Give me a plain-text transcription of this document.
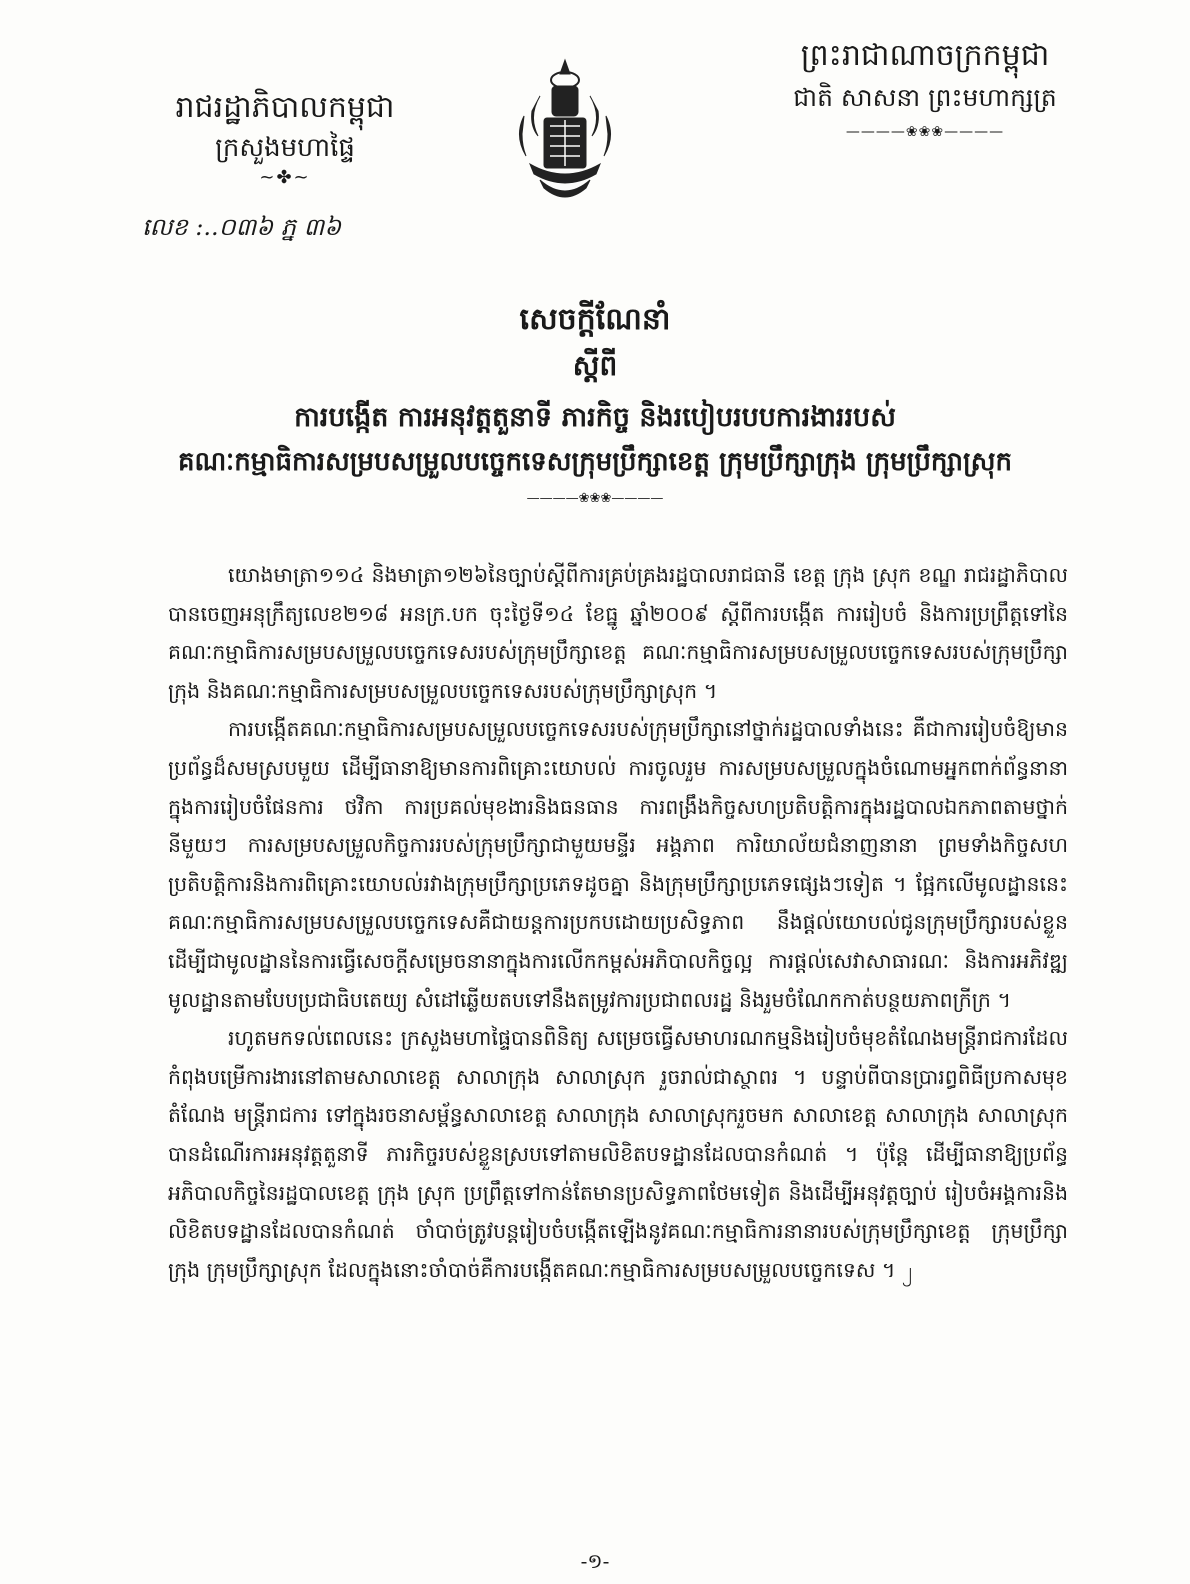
រាជរដ្ឋាភិបាលកម្ពុជា
ក្រសួងមហាផ្ទៃ
~✤~
លេខ :..០៣៦ ភ្ន ៣៦
ព្រះរាជាណាចក្រកម្ពុជា
ជាតិ សាសនា ព្រះមហាក្សត្រ
————❀❀❀————
សេចក្តីណែនាំ
ស្តីពី
ការបង្កើត ការអនុវត្តតួនាទី ភារកិច្ច និងរបៀបរបបការងាររបស់
គណៈកម្មាធិការសម្របសម្រួលបច្ចេកទេសក្រុមប្រឹក្សាខេត្ត ក្រុមប្រឹក្សាក្រុង ក្រុមប្រឹក្សាស្រុក
————❀❀❀————

យោងមាត្រា១១៤ និងមាត្រា១២៦នៃច្បាប់ស្តីពីការគ្រប់គ្រងរដ្ឋបាលរាជធានី ខេត្ត ក្រុង ស្រុក ខណ្ឌ រាជរដ្ឋាភិបាលបានចេញអនុក្រឹត្យលេខ២១៨ អនក្រ.បក ចុះថ្ងៃទី១៤ ខែធ្នូ ឆ្នាំ២០០៩ ស្តីពីការបង្កើត ការរៀបចំ និងការប្រព្រឹត្តទៅនៃគណៈកម្មាធិការសម្របសម្រួលបច្ចេកទេសរបស់ក្រុមប្រឹក្សាខេត្ត គណៈកម្មាធិការសម្របសម្រួលបច្ចេកទេសរបស់ក្រុមប្រឹក្សាក្រុង និងគណៈកម្មាធិការសម្របសម្រួលបច្ចេកទេសរបស់ក្រុមប្រឹក្សាស្រុក ។

ការបង្កើតគណៈកម្មាធិការសម្របសម្រួលបច្ចេកទេសរបស់ក្រុមប្រឹក្សានៅថ្នាក់រដ្ឋបាលទាំងនេះ គឺជាការរៀបចំឱ្យមានប្រព័ន្ធដ៏សមស្របមួយ ដើម្បីធានាឱ្យមានការពិគ្រោះយោបល់ ការចូលរួម ការសម្របសម្រួលក្នុងចំណោមអ្នកពាក់ព័ន្ធនានា ក្នុងការរៀបចំផែនការ ថវិកា ការប្រគល់មុខងារនិងធនធាន ការពង្រឹងកិច្ចសហប្រតិបត្តិការក្នុងរដ្ឋបាលឯកភាពតាមថ្នាក់នីមួយៗ ការសម្របសម្រួលកិច្ចការរបស់ក្រុមប្រឹក្សាជាមួយមន្ទីរ អង្គភាព ការិយាល័យជំនាញនានា ព្រមទាំងកិច្ចសហប្រតិបត្តិការនិងការពិគ្រោះយោបល់រវាងក្រុមប្រឹក្សាប្រភេទដូចគ្នា និងក្រុមប្រឹក្សាប្រភេទផ្សេងៗទៀត ។ ផ្អែកលើមូលដ្ឋាននេះ គណៈកម្មាធិការសម្របសម្រួលបច្ចេកទេសគឺជាយន្តការប្រកបដោយប្រសិទ្ធភាព នឹងផ្តល់យោបល់ជូនក្រុមប្រឹក្សារបស់ខ្លួន ដើម្បីជាមូលដ្ឋាននៃការធ្វើសេចក្តីសម្រេចនានាក្នុងការលើកកម្ពស់អភិបាលកិច្ចល្អ ការផ្តល់សេវាសាធារណៈ និងការអភិវឌ្ឍមូលដ្ឋានតាមបែបប្រជាធិបតេយ្យ សំដៅឆ្លើយតបទៅនឹងតម្រូវការប្រជាពលរដ្ឋ និងរួមចំណែកកាត់បន្ថយភាពក្រីក្រ ។

រហូតមកទល់ពេលនេះ ក្រសួងមហាផ្ទៃបានពិនិត្យ សម្រេចធ្វើសមាហរណកម្មនិងរៀបចំមុខតំណែងមន្ត្រីរាជការដែលកំពុងបម្រើការងារនៅតាមសាលាខេត្ត សាលាក្រុង សាលាស្រុក រួចរាល់ជាស្ថាពរ ។ បន្ទាប់ពីបានប្រារព្ធពិធីប្រកាសមុខតំណែង មន្ត្រីរាជការ ទៅក្នុងរចនាសម្ព័ន្ធសាលាខេត្ត សាលាក្រុង សាលាស្រុករួចមក សាលាខេត្ត សាលាក្រុង សាលាស្រុក បានដំណើរការអនុវត្តតួនាទី ភារកិច្ចរបស់ខ្លួនស្របទៅតាមលិខិតបទដ្ឋានដែលបានកំណត់ ។ ប៉ុន្តែ ដើម្បីធានាឱ្យប្រព័ន្ធអភិបាលកិច្ចនៃរដ្ឋបាលខេត្ត ក្រុង ស្រុក ប្រព្រឹត្តទៅកាន់តែមានប្រសិទ្ធភាពថែមទៀត និងដើម្បីអនុវត្តច្បាប់ រៀបចំអង្គការនិងលិខិតបទដ្ឋានដែលបានកំណត់ ចាំបាច់ត្រូវបន្តរៀបចំបង្កើតឡើងនូវគណៈកម្មាធិការនានារបស់ក្រុមប្រឹក្សាខេត្ត ក្រុមប្រឹក្សាក្រុង ក្រុមប្រឹក្សាស្រុក ដែលក្នុងនោះចាំបាច់គឺការបង្កើតគណៈកម្មាធិការសម្របសម្រួលបច្ចេកទេស ។ ၂

-១-
